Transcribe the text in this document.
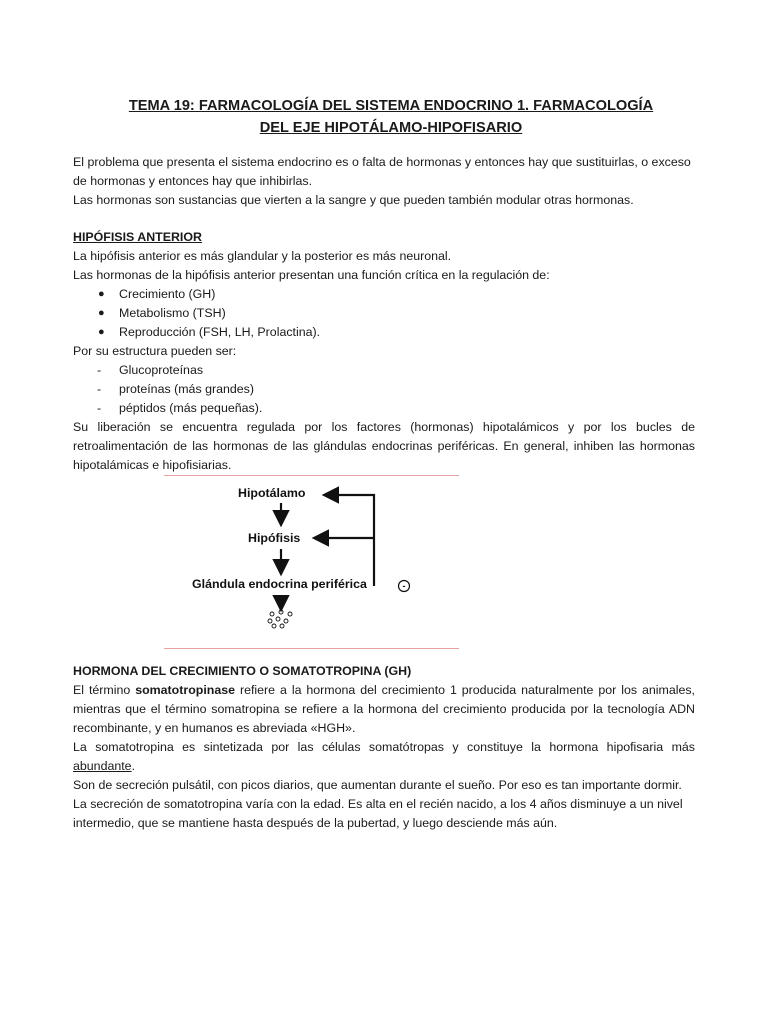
TEMA 19: FARMACOLOGÍA DEL SISTEMA ENDOCRINO 1. FARMACOLOGÍA
DEL EJE HIPOTÁLAMO-HIPOFISARIO
El problema que presenta el sistema endocrino es o falta de hormonas y entonces hay que sustituirlas, o exceso
de hormonas y entonces hay que inhibirlas.
Las hormonas son sustancias que vierten a la sangre y que pueden también modular otras hormonas.
HIPÓFISIS ANTERIOR
La hipófisis anterior es más glandular y la posterior es más neuronal.
Las hormonas de la hipófisis anterior presentan una función crítica en la regulación de:
● Crecimiento (GH)
● Metabolismo (TSH)
● Reproducción (FSH, LH, Prolactina).
Por su estructura pueden ser:
- Glucoproteínas
- proteínas (más grandes)
- péptidos (más pequeñas).
Su liberación se encuentra regulada por los factores (hormonas) hipotalámicos y por los bucles de
retroalimentación de las hormonas de las glándulas endocrinas periféricas. En general, inhiben las hormonas
hipotalámicas e hipofisiarias.
HORMONA DEL CRECIMIENTO O SOMATOTROPINA (GH)
El término somatotropinase refiere a la hormona del crecimiento 1 producida naturalmente por los animales,
mientras que el término somatropina se refiere a la hormona del crecimiento producida por la tecnología ADN
recombinante, y en humanos es abreviada «HGH».
La somatotropina es sintetizada por las células somatótropas y constituye la hormona hipofisaria más
abundante.
Son de secreción pulsátil, con picos diarios, que aumentan durante el sueño. Por eso es tan importante dormir.
La secreción de somatotropina varía con la edad. Es alta en el recién nacido, a los 4 años disminuye a un nivel
intermedio, que se mantiene hasta después de la pubertad, y luego desciende más aún.
-
Hipotálamo
Hipófisis
Glándula endocrina periférica
